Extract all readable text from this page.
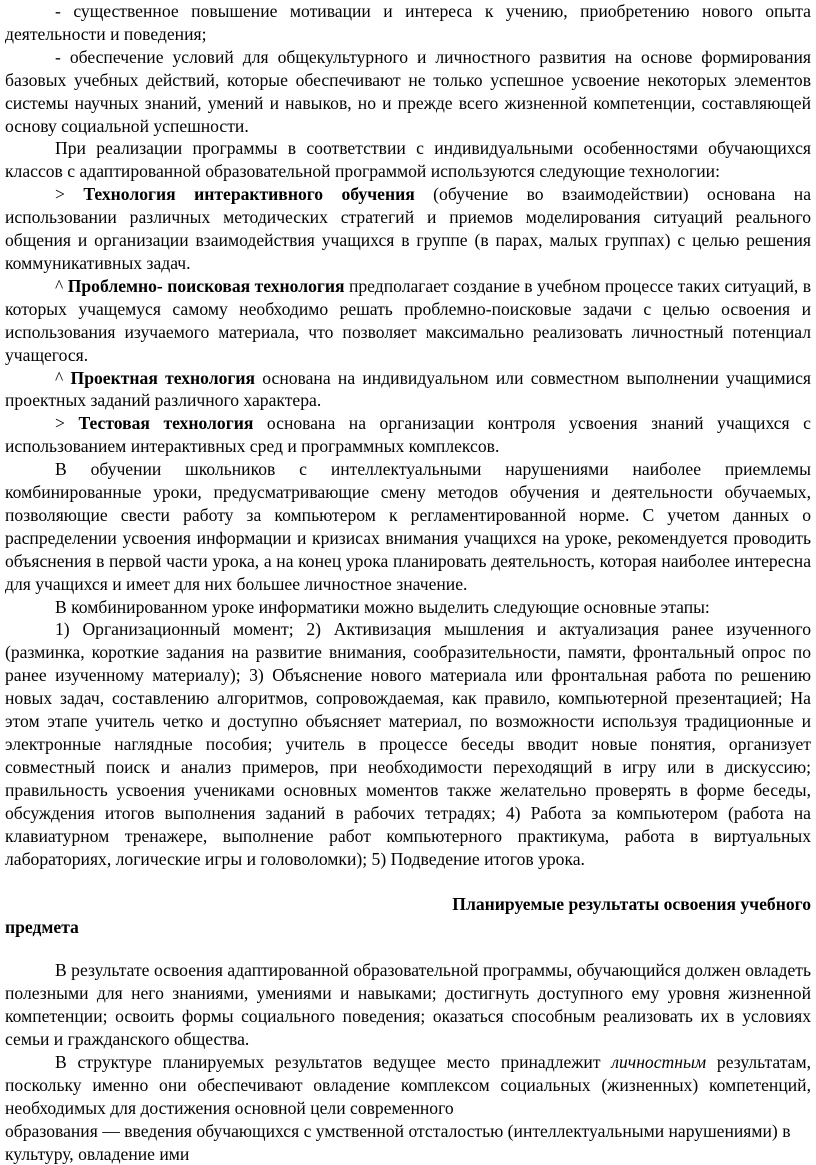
- существенное повышение мотивации и интереса к учению, приобретению нового опыта деятельности и поведения;

- обеспечение условий для общекультурного и личностного развития на основе формирования базовых учебных действий, которые обеспечивают не только успешное усвоение некоторых элементов системы научных знаний, умений и навыков, но и прежде всего жизненной компетенции, составляющей основу социальной успешности.

При реализации программы в соответствии с индивидуальными особенностями обучающихся классов с адаптированной образовательной программой используются следующие технологии:

> Технология интерактивного обучения (обучение во взаимодействии) основана на использовании различных методических стратегий и приемов моделирования ситуаций реального общения и организации взаимодействия учащихся в группе (в парах, малых группах) с целью решения коммуникативных задач.

^ Проблемно- поисковая технология предполагает создание в учебном процессе таких ситуаций, в которых учащемуся самому необходимо решать проблемно-поисковые задачи с целью освоения и использования изучаемого материала, что позволяет максимально реализовать личностный потенциал учащегося.

^ Проектная технология основана на индивидуальном или совместном выполнении учащимися проектных заданий различного характера.

> Тестовая технология основана на организации контроля усвоения знаний учащихся с использованием интерактивных сред и программных комплексов.

В обучении школьников с интеллектуальными нарушениями наиболее приемлемы комбинированные уроки, предусматривающие смену методов обучения и деятельности обучаемых, позволяющие свести работу за компьютером к регламентированной норме. С учетом данных о распределении усвоения информации и кризисах внимания учащихся на уроке, рекомендуется проводить объяснения в первой части урока, а на конец урока планировать деятельность, которая наиболее интересна для учащихся и имеет для них большее личностное значение.

В комбинированном уроке информатики можно выделить следующие основные этапы:

1) Организационный момент; 2) Активизация мышления и актуализация ранее изученного (разминка, короткие задания на развитие внимания, сообразительности, памяти, фронтальный опрос по ранее изученному материалу); 3) Объяснение нового материала или фронтальная работа по решению новых задач, составлению алгоритмов, сопровождаемая, как правило, компьютерной презентацией; На этом этапе учитель четко и доступно объясняет материал, по возможности используя традиционные и электронные наглядные пособия; учитель в процессе беседы вводит новые понятия, организует совместный поиск и анализ примеров, при необходимости переходящий в игру или в дискуссию; правильность усвоения учениками основных моментов также желательно проверять в форме беседы, обсуждения итогов выполнения заданий в рабочих тетрадях; 4) Работа за компьютером (работа на клавиатурном тренажере, выполнение работ компьютерного практикума, работа в виртуальных лабораториях, логические игры и головоломки); 5) Подведение итогов урока.

Планируемые результаты освоения учебного
предмета

В результате освоения адаптированной образовательной программы, обучающийся должен овладеть полезными для него знаниями, умениями и навыками; достигнуть доступного ему уровня жизненной компетенции; освоить формы социального поведения; оказаться способным реализовать их в условиях семьи и гражданского общества.

В структуре планируемых результатов ведущее место принадлежит личностным результатам, поскольку именно они обеспечивают овладение комплексом социальных (жизненных) компетенций, необходимых для достижения основной цели современного

образования — введения обучающихся с умственной отсталостью (интеллектуальными нарушениями) в культуру, овладение ими
